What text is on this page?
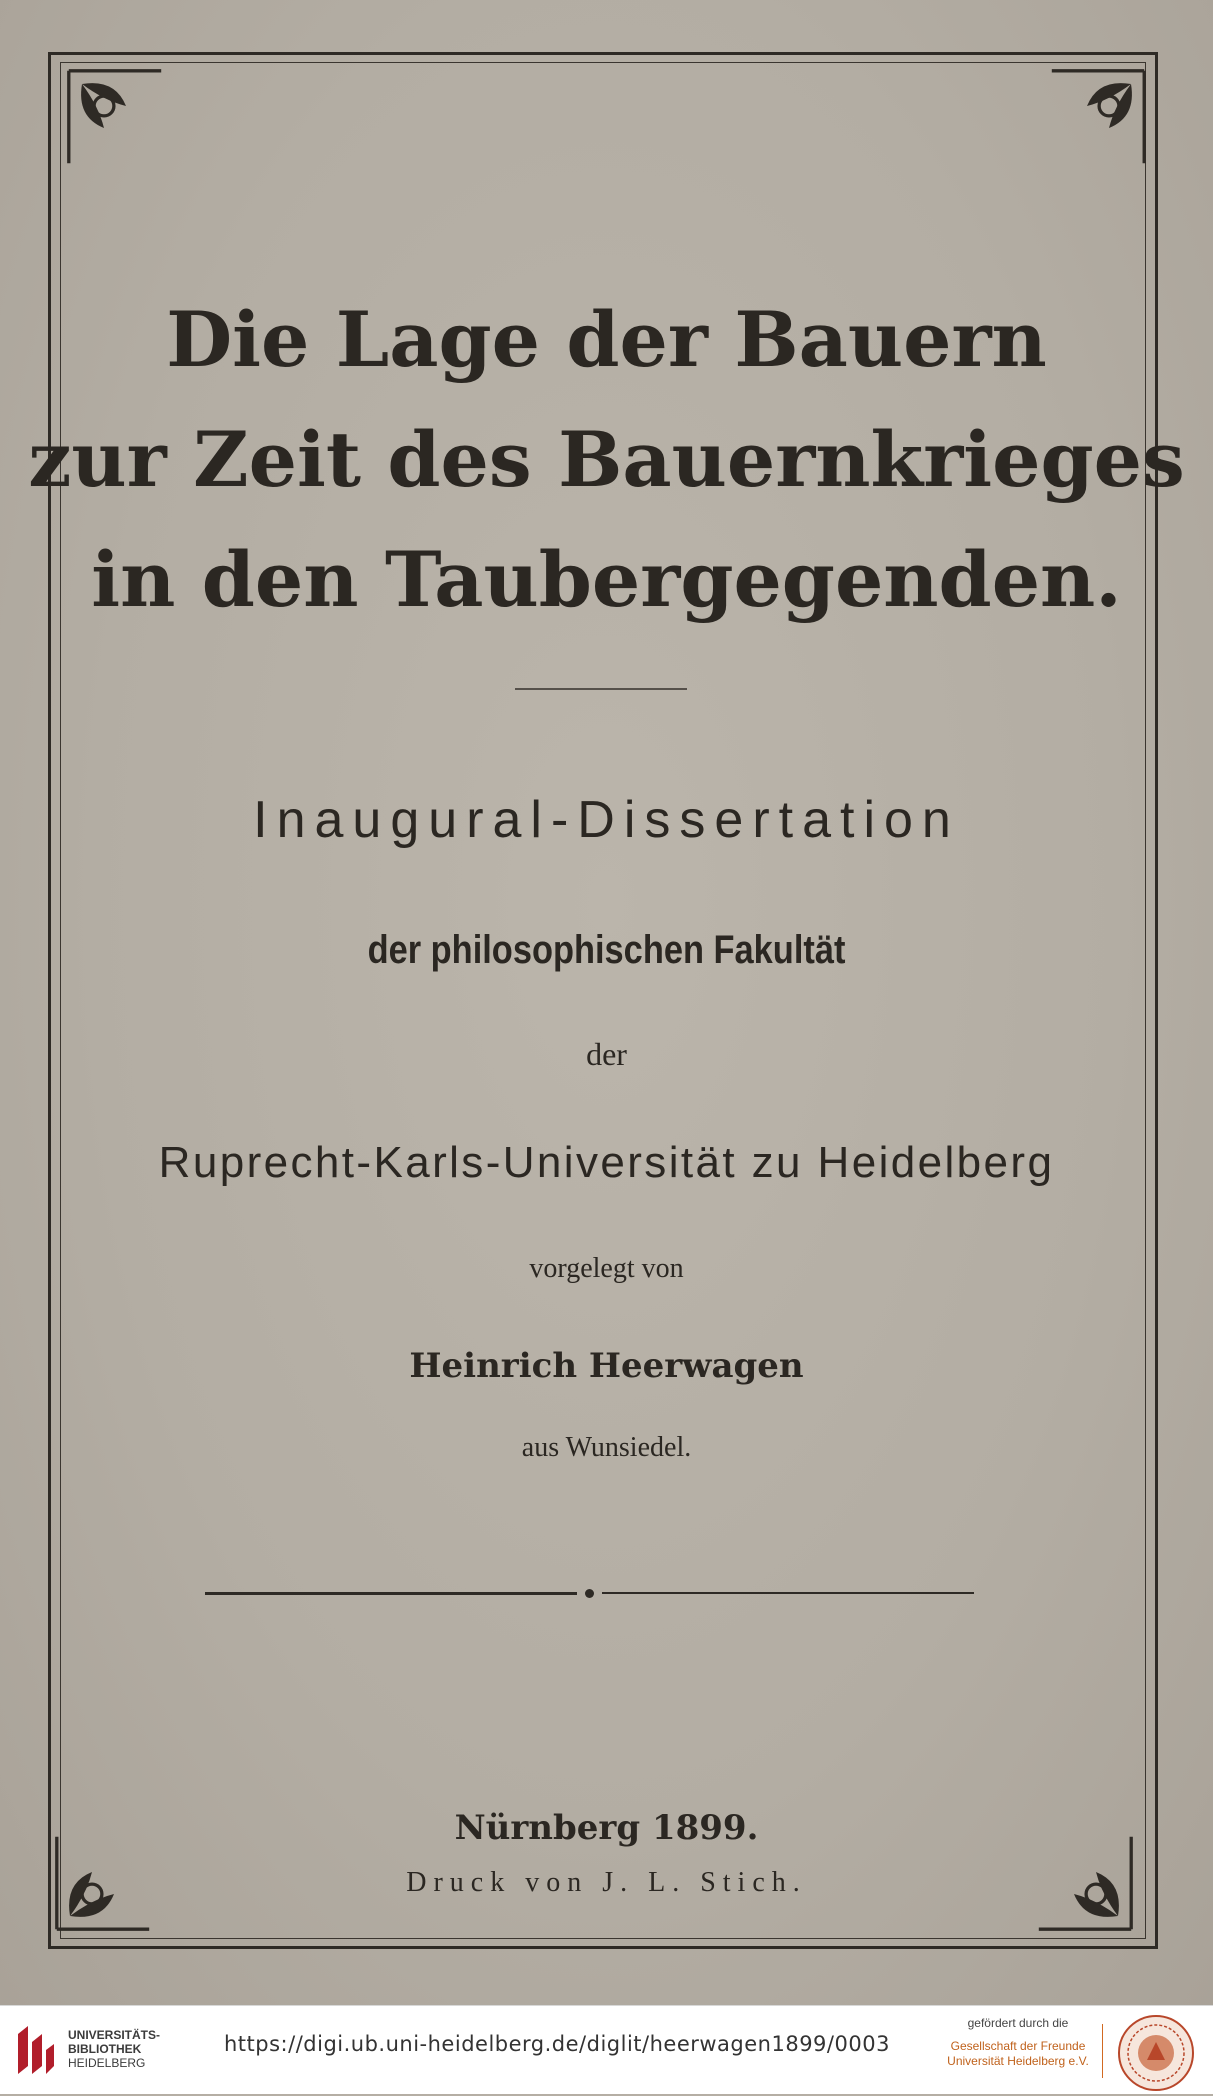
Die Lage der Bauern
zur Zeit des Bauernkrieges
in den Taubergegenden.
Inaugural-Dissertation
der philosophischen Fakultät
der
Ruprecht-Karls-Universität zu Heidelberg
vorgelegt von
Heinrich Heerwagen
aus Wunsiedel.
Nürnberg 1899.
Druck von J. L. Stich.
UNIVERSITÄTS-
BIBLIOTHEK
HEIDELBERG
https://digi.ub.uni-heidelberg.de/diglit/heerwagen1899/0003
gefördert durch die
Gesellschaft der Freunde
Universität Heidelberg e.V.
